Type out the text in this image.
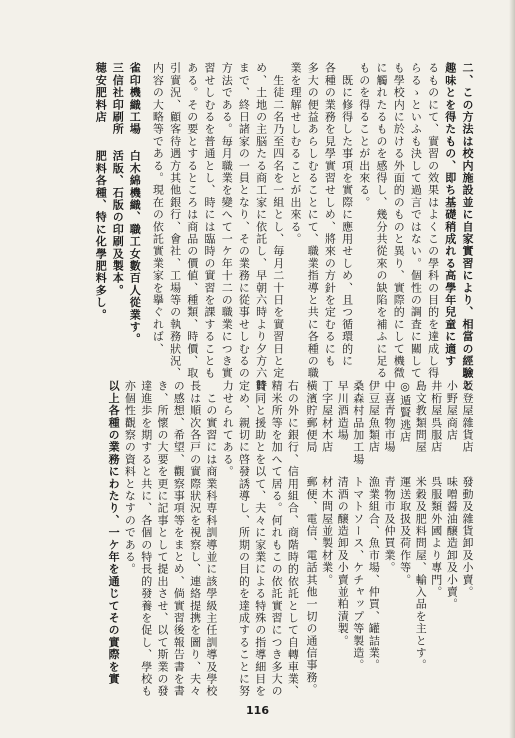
二、この方法は校内施設並に自家實習により、相當の經驗と
趣味とを得たもの、即ち基礎稍成れる高學年兒童に適す
るものにて、實習の效果はよくこの學科の目的を達成し得
らるゝといふも決して過言ではない。個性の調査に關して
も學校内に於ける外面的のものと異り、實際的にして機微
に觸れたるものを感得し、幾分共從來の缺陷を補ふに足る
ものを得ることが出來る。
　既に修得した事項を實際に應用せしめ、且つ循環的に
各種の業務を見學實習せしめ、將來の方針を定むるにも
多大の便益あらしむることにて、職業指導と共に各種の職
業を理解せしむることが出來る。
　生徒二名乃至四名を一組とし、毎月二十日を實習日と定
め、土地の主脳たる商工家に依託し、早朝六時より夕方六時
まで、終日諸家の一員となり、その業務に從事せしむるの
方法である。毎月職業を變へて一ケ年十二の職業につき實
習せしむるを普通とし、時には臨時の實習を課することも
ある。その要とするところは商品の價値、種類、時價、取
引實況、顧客待遇方其他銀行、會社、工場等の執務狀況、
内容の大略等である。現在の依託實業家を擧ぐれば、
雀印機織工場
白木綿機織、職工女數百人從業す。
三信社印刷所
活版、石版の印刷及製本。
穂安肥料店
肥料各種、特に化學肥料多し。
坂登屋雜貨店
發動及雜貨卸及小賣。
小野屋商店
味噌醤油醸造卸及小賣。
井桁屋呉服店
呉服類外國より專門。
島文教類問屋
米穀及肥料問屋、輸入品を主とす。
◎遁賢逃店
運送取扱及荷作等。
中喜青物市場
青物市及仲買業。
伊豆屋魚類店
漁業組合、魚市場、仲買、罐詰業。
桑森村品加工場
トマトソース、ケチャップ等製造。
早川酒造場
清酒の醸造卸及小賣並粕漬製。
丁字屋材木店
材木問屋並製材業。
橫濱貯郵便局
郵便、電信、電話其他一切の通信事務。
右の外に銀行、信用組合、商階時的依託として自轉車業、
精米所等を加へて居る。何れもこの依託實習につき多大の
賛同と援助とを以て、夫々に家業による特殊の指導細目を
定め、親切に啓發誘導し、所期の目的を達成することに努
力せられてある。
　この實習には商業科専科訓導並に該學級主任訓導及學校
長は順次各戸の實際狀況を視察し、連絡提携を圖り、夫々
の感想、希望、觀察事項等をまとめ、倘實習後報告書を書
き、所懷の大要を更に記事として提出させ、以て斯業の發
達進歩を期すると共に、各個の特長的發養を促し、學校も
亦個性觀察の資料となすのである。
以上各種の業務にわたり、一ケ年を通じてその實際を實
116
